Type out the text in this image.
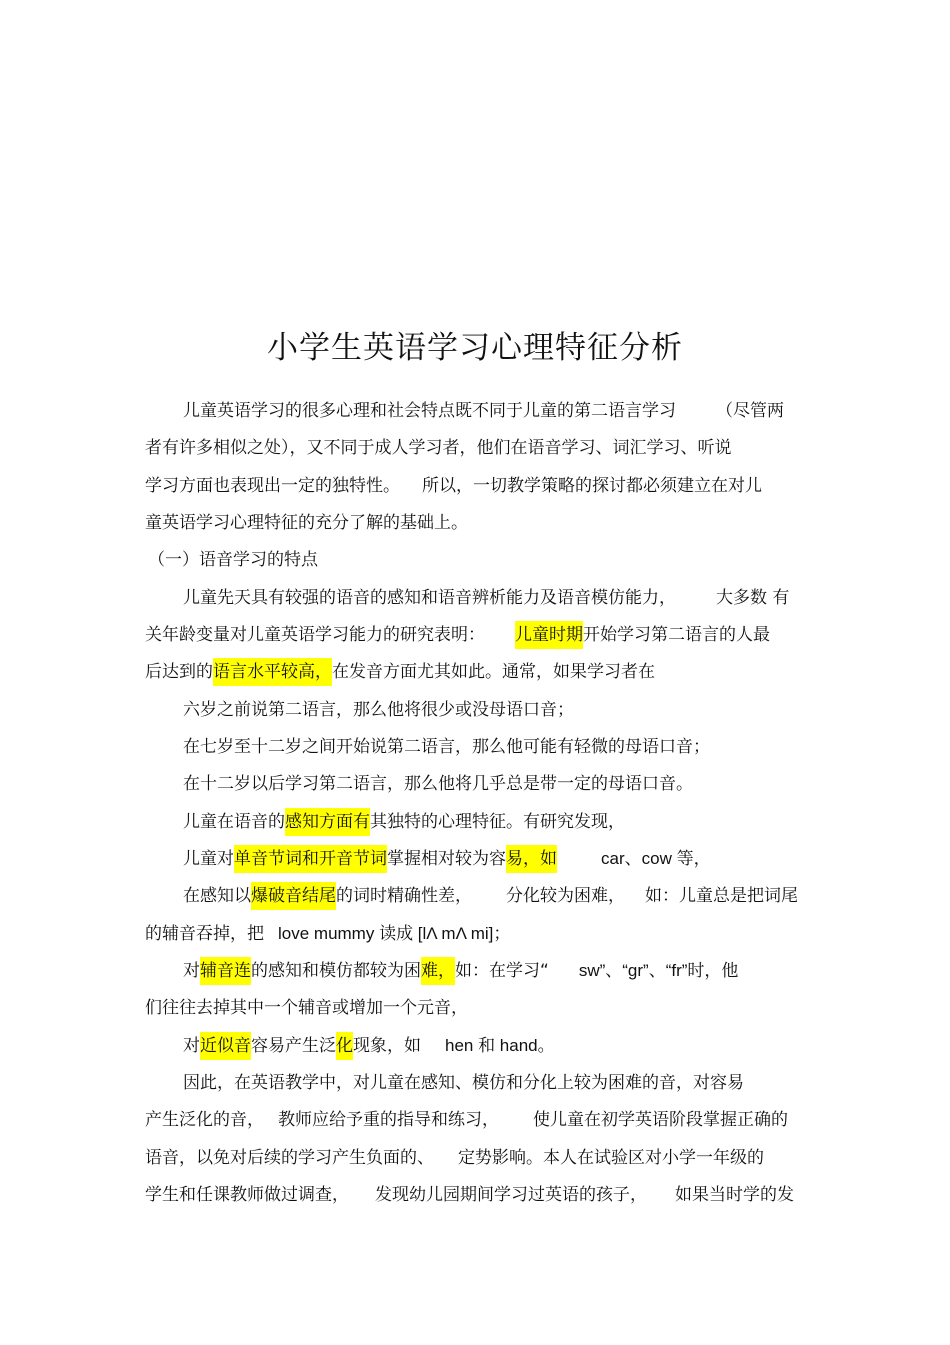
小学生英语学习心理特征分析
儿童英语学习的很多心理和社会特点既不同于儿童的第二语言学习 （尽管两
者有许多相似之处），又不同于成人学习者，他们在语音学习、词汇学习、听说
学习方面也表现出一定的独特性。 所以，一切教学策略的探讨都必须建立在对儿
童英语学习心理特征的充分了解的基础上。
（一）语音学习的特点
儿童先天具有较强的语音的感知和语音辨析能力及语音模仿能力， 大多数 有
关年龄变量对儿童英语学习能力的研究表明： 儿童时期开始学习第二语言的人最
后达到的语言水平较高，在发音方面尤其如此。通常，如果学习者在
六岁之前说第二语言，那么他将很少或没母语口音；
在七岁至十二岁之间开始说第二语言，那么他可能有轻微的母语口音；
在十二岁以后学习第二语言，那么他将几乎总是带一定的母语口音。
儿童在语音的感知方面有其独特的心理特征。有研究发现，
儿童对单音节词和开音节词掌握相对较为容易，如	car、cow 等，
在感知以爆破音结尾的词时精确性差， 分化较为困难， 如：儿童总是把词尾
的辅音吞掉，把 love mummy 读成 [lΛ mΛ mi]；
对辅音连的感知和模仿都较为困难，如：在学习“ sw”、“gr”、“fr”时，他
们往往去掉其中一个辅音或增加一个元音，
对近似音容易产生泛化现象，如 hen 和 hand。
因此，在英语教学中，对儿童在感知、模仿和分化上较为困难的音，对容易
产生泛化的音， 教师应给予重的指导和练习， 使儿童在初学英语阶段掌握正确的
语音，以免对后续的学习产生负面的、 定势影响。本人在试验区对小学一年级的
学生和任课教师做过调查， 发现幼儿园期间学习过英语的孩子， 如果当时学的发
